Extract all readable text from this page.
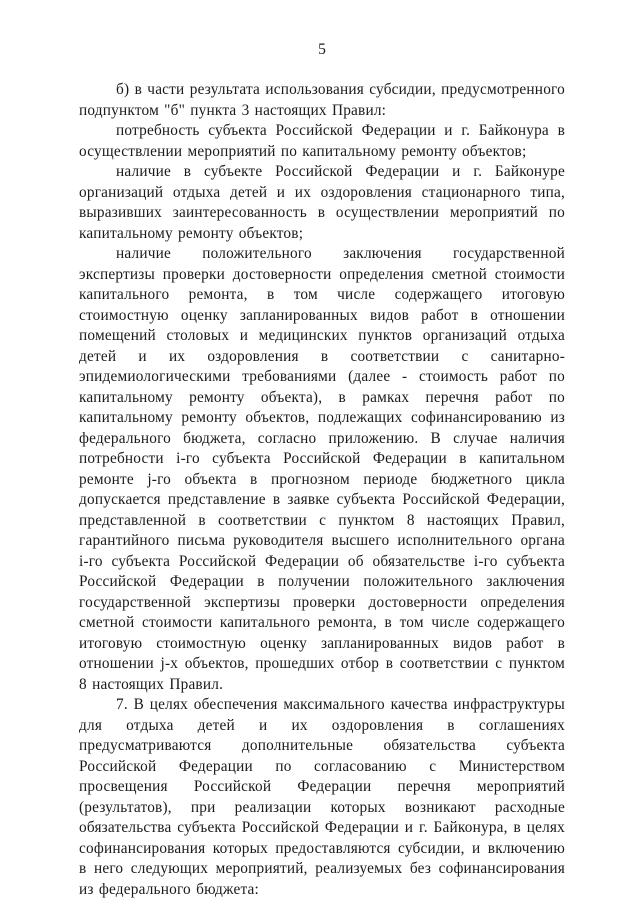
5

б) в части результата использования субсидии, предусмотренного подпунктом "б" пункта 3 настоящих Правил:

потребность субъекта Российской Федерации и г. Байконура в осуществлении мероприятий по капитальному ремонту объектов;

наличие в субъекте Российской Федерации и г. Байконуре организаций отдыха детей и их оздоровления стационарного типа, выразивших заинтересованность в осуществлении мероприятий по капитальному ремонту объектов;

наличие положительного заключения государственной экспертизы проверки достоверности определения сметной стоимости капитального ремонта, в том числе содержащего итоговую стоимостную оценку запланированных видов работ в отношении помещений столовых и медицинских пунктов организаций отдыха детей и их оздоровления в соответствии с санитарно-эпидемиологическими требованиями (далее - стоимость работ по капитальному ремонту объекта), в рамках перечня работ по капитальному ремонту объектов, подлежащих софинансированию из федерального бюджета, согласно приложению. В случае наличия потребности i-го субъекта Российской Федерации в капитальном ремонте j-го объекта в прогнозном периоде бюджетного цикла допускается представление в заявке субъекта Российской Федерации, представленной в соответствии с пунктом 8 настоящих Правил, гарантийного письма руководителя высшего исполнительного органа i-го субъекта Российской Федерации об обязательстве i-го субъекта Российской Федерации в получении положительного заключения государственной экспертизы проверки достоверности определения сметной стоимости капитального ремонта, в том числе содержащего итоговую стоимостную оценку запланированных видов работ в отношении j-х объектов, прошедших отбор в соответствии с пунктом 8 настоящих Правил.

7. В целях обеспечения максимального качества инфраструктуры для отдыха детей и их оздоровления в соглашениях предусматриваются дополнительные обязательства субъекта Российской Федерации по согласованию с Министерством просвещения Российской Федерации перечня мероприятий (результатов), при реализации которых возникают расходные обязательства субъекта Российской Федерации и г. Байконура, в целях софинансирования которых предоставляются субсидии, и включению в него следующих мероприятий, реализуемых без софинансирования из федерального бюджета:
